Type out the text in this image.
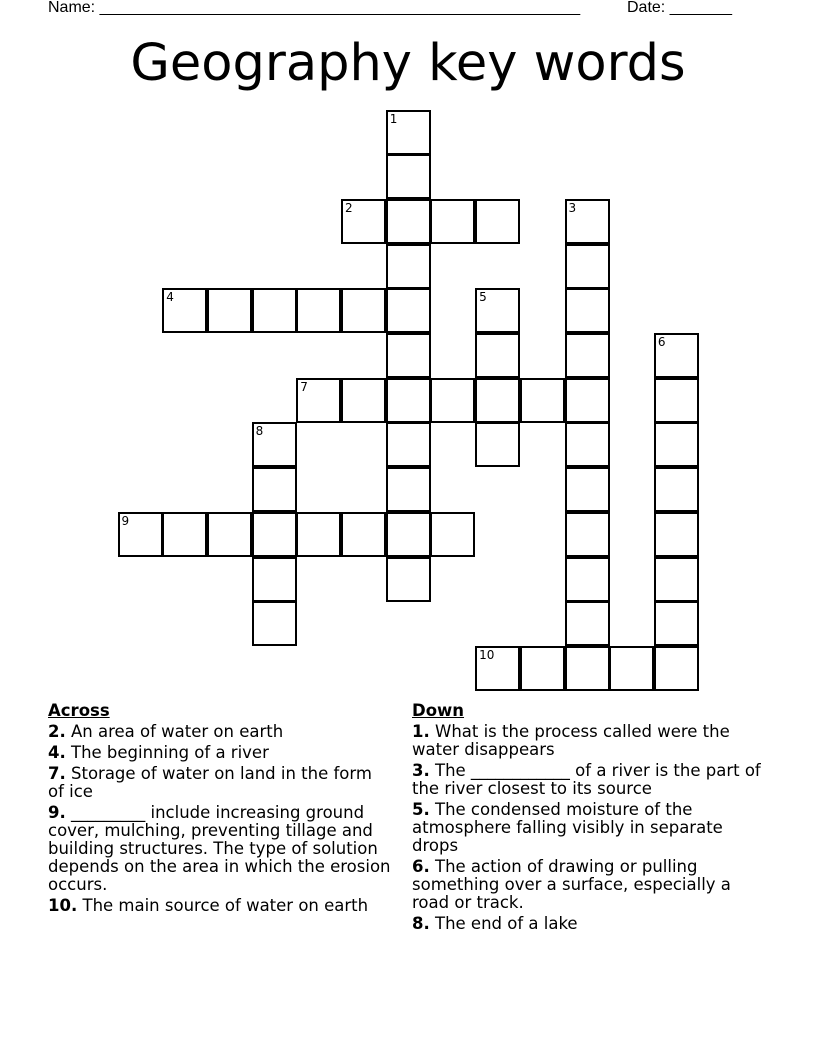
Name: ______________________________________________________	Date: _______
Geography key words
1
2	3
4	5
6
7
8
9
10
Across
2. An area of water on earth
4. The beginning of a river
7. Storage of water on land in the form of ice
9. _________ include increasing ground cover, mulching, preventing tillage and building structures. The type of solution depends on the area in which the erosion occurs.
10. The main source of water on earth
Down
1. What is the process called were the water disappears
3. The ____________ of a river is the part of the river closest to its source
5. The condensed moisture of the atmosphere falling visibly in separate drops
6. The action of drawing or pulling something over a surface, especially a road or track.
8. The end of a lake
